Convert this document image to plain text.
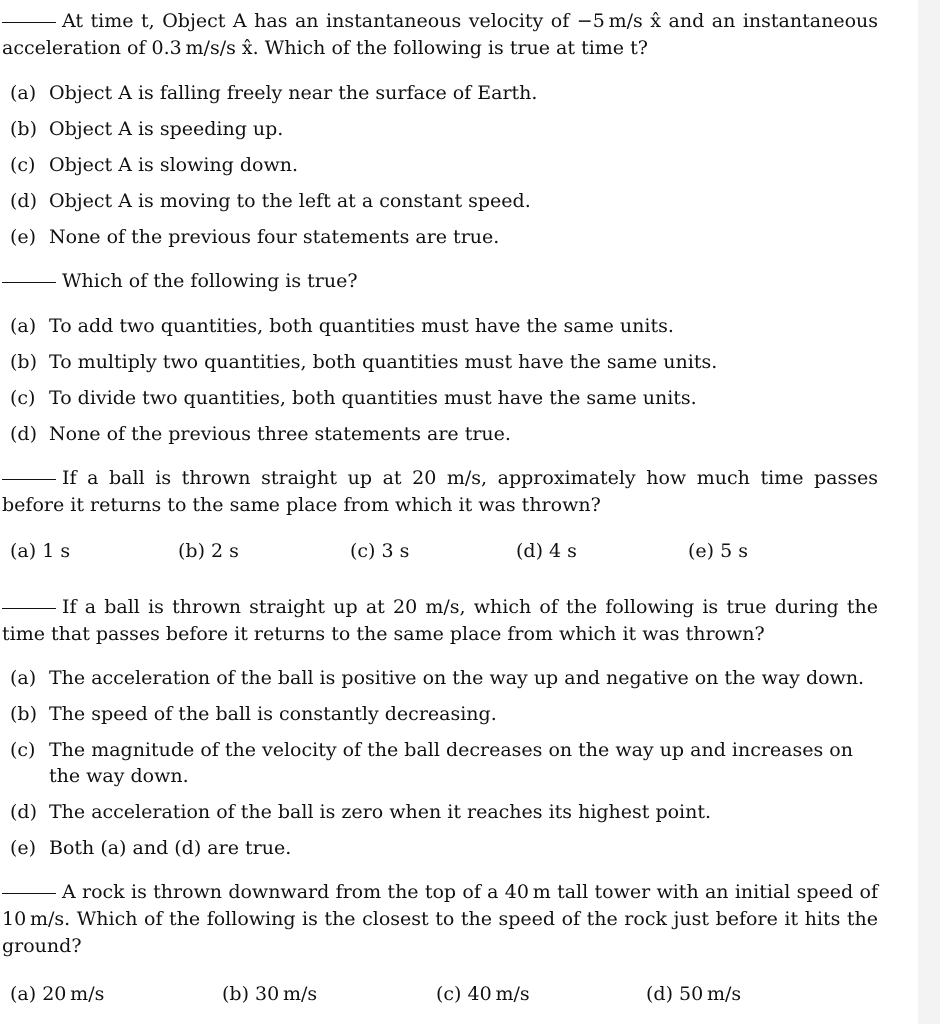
At time t, Object A has an instantaneous velocity of −5 m/s x̂ and an instantaneous acceleration of 0.3 m/s/s x̂. Which of the following is true at time t?
(a) Object A is falling freely near the surface of Earth.
(b) Object A is speeding up.
(c) Object A is slowing down.
(d) Object A is moving to the left at a constant speed.
(e) None of the previous four statements are true.
Which of the following is true?
(a) To add two quantities, both quantities must have the same units.
(b) To multiply two quantities, both quantities must have the same units.
(c) To divide two quantities, both quantities must have the same units.
(d) None of the previous three statements are true.
If a ball is thrown straight up at 20 m/s, approximately how much time passes before it returns to the same place from which it was thrown?
(a) 1 s	(b) 2 s	(c) 3 s	(d) 4 s	(e) 5 s
If a ball is thrown straight up at 20 m/s, which of the following is true during the time that passes before it returns to the same place from which it was thrown?
(a) The acceleration of the ball is positive on the way up and negative on the way down.
(b) The speed of the ball is constantly decreasing.
(c) The magnitude of the velocity of the ball decreases on the way up and increases on the way down.
(d) The acceleration of the ball is zero when it reaches its highest point.
(e) Both (a) and (d) are true.
A rock is thrown downward from the top of a 40 m tall tower with an initial speed of 10 m/s. Which of the following is the closest to the speed of the rock just before it hits the ground?
(a) 20 m/s	(b) 30 m/s	(c) 40 m/s	(d) 50 m/s
